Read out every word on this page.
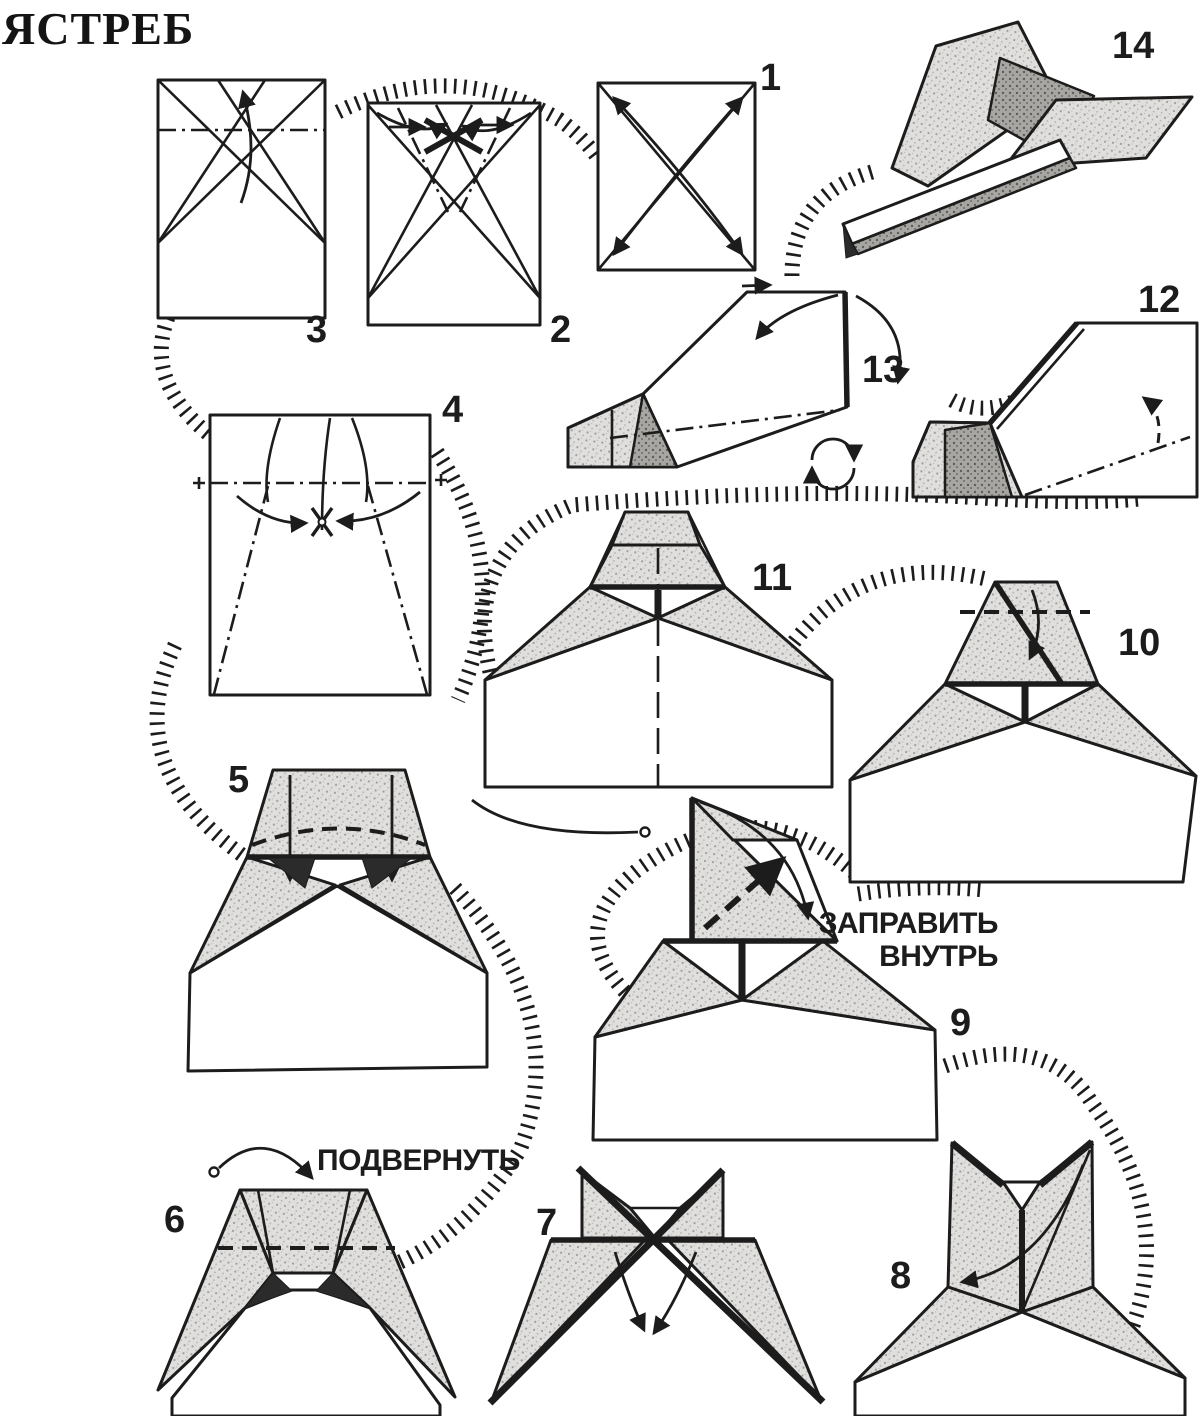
ЯСТРЕБ
1
2
3
4
5
6	7
8
9
10
11
12
13
14
ЗАПРАВИТЬ
ВНУТРЬ
ПОДВЕРНУТЬ
